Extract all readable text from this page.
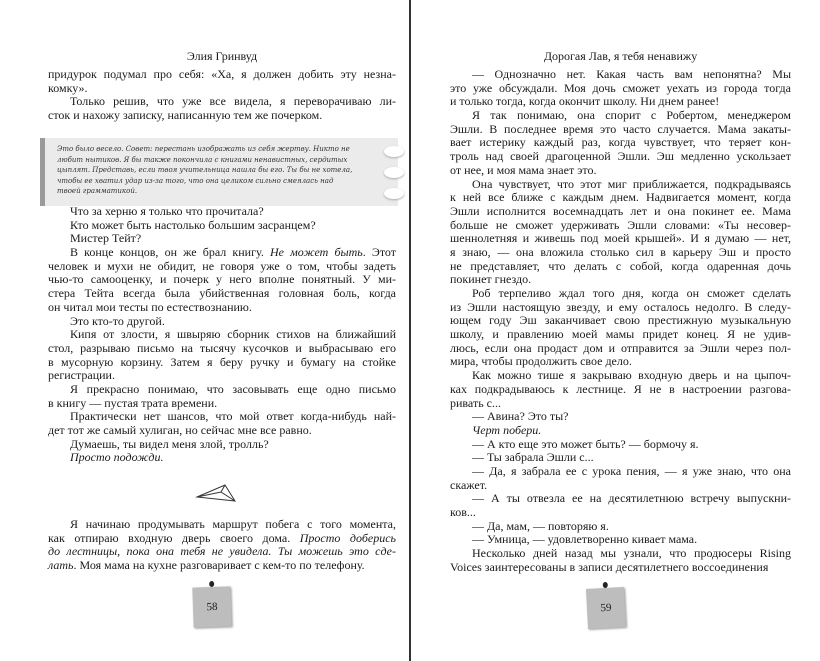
Элия Гринвуд	Дорогая Лав, я тебя ненавижу
придурок подумал про себя: «Ха, я должен добить эту незна-
комку».
Только решив, что уже все видела, я переворачиваю ли-
сток и нахожу записку, написанную тем же почерком.
Это было весело. Совет: перестань изображать из себя жертву. Никто не любит нытиков. Я бы также покончила с книгами ненавистных, сердитых цыплят. Представь, если твоя учительница нашла бы его. Ты бы не хотела, чтобы ее хватил удар из-за того, что она целиком сильно смеялась над твоей грамматикой.
Что за херню я только что прочитала?
Кто может быть настолько большим засранцем?
Мистер Тейт?
В конце концов, он же брал книгу. Не может быть. Этот
человек и мухи не обидит, не говоря уже о том, чтобы задеть
чью-то самооценку, и почерк у него вполне понятный. У ми-
стера Тейта всегда была убийственная головная боль, когда
он читал мои тесты по естествознанию.
Это кто-то другой.
Кипя от злости, я швыряю сборник стихов на ближайший
стол, разрываю письмо на тысячу кусочков и выбрасываю его
в мусорную корзину. Затем я беру ручку и бумагу на стойке
регистрации.
Я прекрасно понимаю, что засовывать еще одно письмо
в книгу — пустая трата времени.
Практически нет шансов, что мой ответ когда-нибудь най-
дет тот же самый хулиган, но сейчас мне все равно.
Думаешь, ты видел меня злой, тролль?
Просто подожди.
Я начинаю продумывать маршрут побега с того момента,
как отпираю входную дверь своего дома. Просто доберись
до лестницы, пока она тебя не увидела. Ты можешь это сде-
лать. Моя мама на кухне разговаривает с кем-то по телефону.
— Однозначно нет. Какая часть вам непонятна? Мы
это уже обсуждали. Моя дочь сможет уехать из города тогда
и только тогда, когда окончит школу. Ни днем ранее!
Я так понимаю, она спорит с Робертом, менеджером
Эшли. В последнее время это часто случается. Мама закаты-
вает истерику каждый раз, когда чувствует, что теряет кон-
троль над своей драгоценной Эшли. Эш медленно ускользает
от нее, и моя мама знает это.
Она чувствует, что этот миг приближается, подкрадываясь
к ней все ближе с каждым днем. Надвигается момент, когда
Эшли исполнится восемнадцать лет и она покинет ее. Мама
больше не сможет удерживать Эшли словами: «Ты несовер-
шеннолетняя и живешь под моей крышей». И я думаю — нет,
я знаю, — она вложила столько сил в карьеру Эш и просто
не представляет, что делать с собой, когда одаренная дочь
покинет гнездо.
Роб терпеливо ждал того дня, когда он сможет сделать
из Эшли настоящую звезду, и ему осталось недолго. В следу-
ющем году Эш заканчивает свою престижную музыкальную
школу, и правлению моей мамы придет конец. Я не удив-
люсь, если она продаст дом и отправится за Эшли через пол-
мира, чтобы продолжить свое дело.
Как можно тише я закрываю входную дверь и на цыпоч-
ках подкрадываюсь к лестнице. Я не в настроении разгова-
ривать с...
— Авина? Это ты?
Черт побери.
— А кто еще это может быть? — бормочу я.
— Ты забрала Эшли с...
— Да, я забрала ее с урока пения, — я уже знаю, что она
скажет.
— А ты отвезла ее на десятилетнюю встречу выпускни-
ков...
— Да, мам, — повторяю я.
— Умница, — удовлетворенно кивает мама.
Несколько дней назад мы узнали, что продюсеры Rising
Voices заинтересованы в записи десятилетнего воссоединения
58	59
